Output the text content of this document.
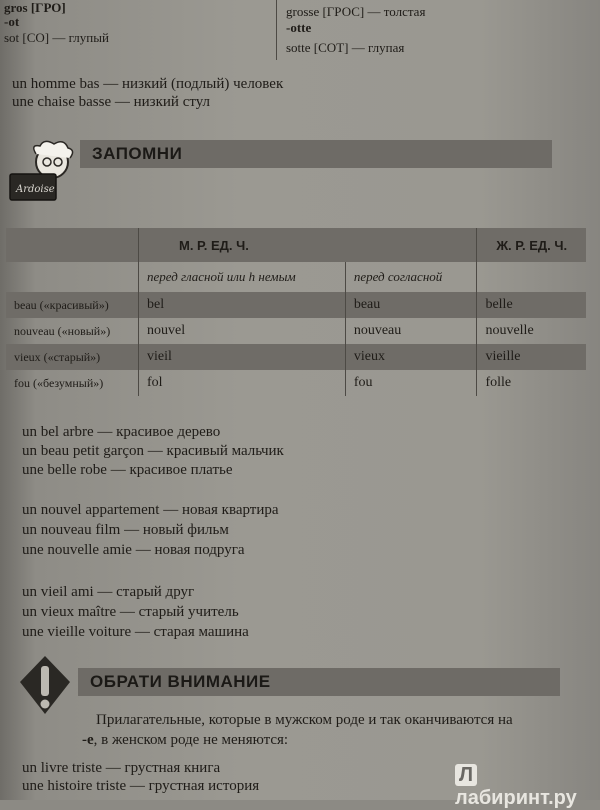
gros [ГРО]
-ot
sot [СО] — глупый
grosse [ГРОС] — толстая
-otte
sotte [СОТ] — глупая
un homme bas — низкий (подлый) человек
une chaise basse — низкий стул
Ardoise
ЗАПОМНИ
	М. Р. ЕД. Ч.		Ж. Р. ЕД. Ч.
	перед гласной или h немым	перед согласной	
beau («красивый»)	bel	beau	belle
nouveau («новый»)	nouvel	nouveau	nouvelle
vieux («старый»)	vieil	vieux	vieille
fou («безумный»)	fol	fou	folle
un bel arbre — красивое дерево
un beau petit garçon — красивый мальчик
une belle robe — красивое платье
un nouvel appartement — новая квартира
un nouveau film — новый фильм
une nouvelle amie — новая подруга
un vieil ami — старый друг
un vieux maître — старый учитель
une vieille voiture — старая машина
ОБРАТИ ВНИМАНИЕ
Прилагательные, которые в мужском роде и так оканчиваются на
-e, в женском роде не меняются:
un livre triste — грустная книга
une histoire triste — грустная история	Ллабиринт.ру
